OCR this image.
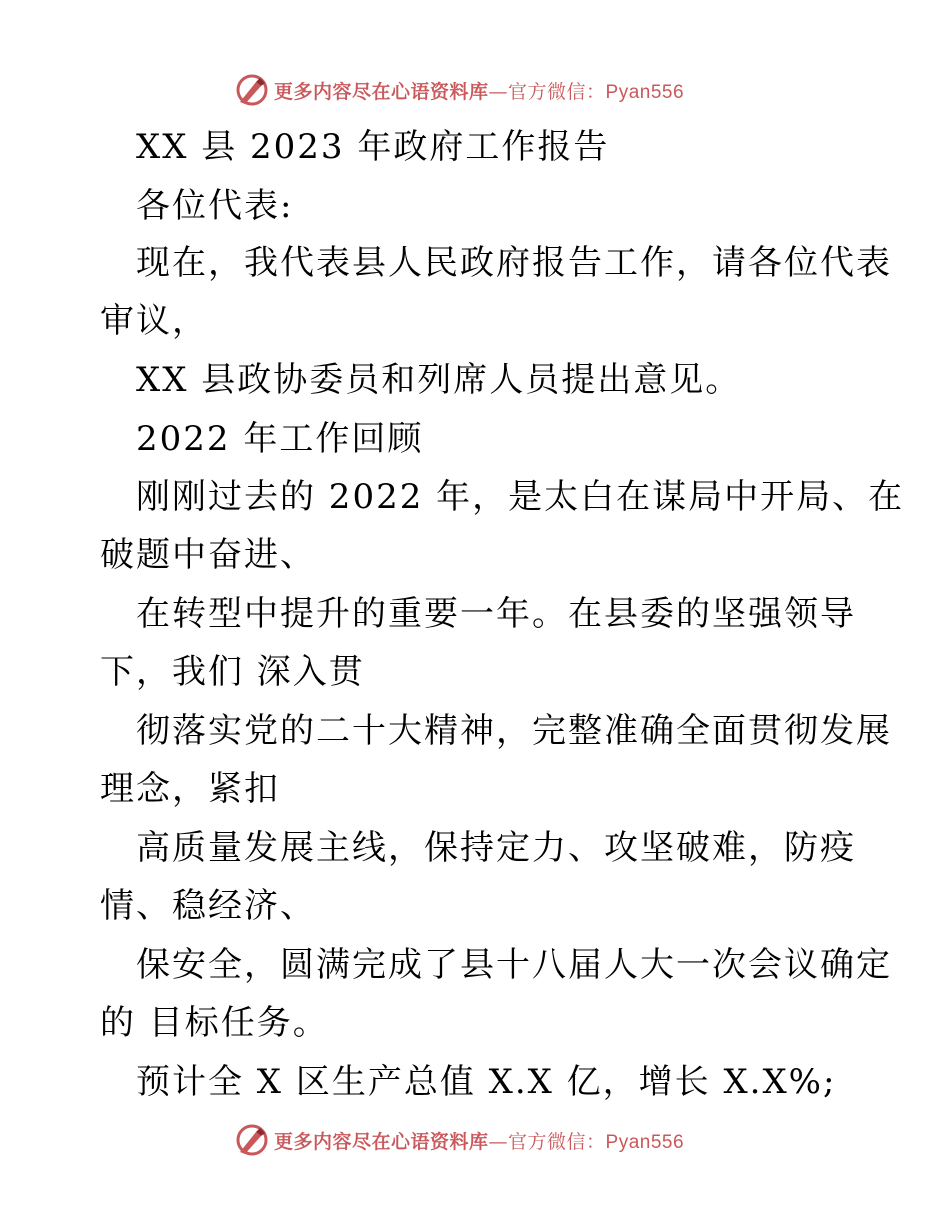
更多内容尽在心语资料库—官方微信：Pyan556
XX 县 2023 年政府工作报告
各位代表:
现在，我代表县人民政府报告工作，请各位代表
审议，
XX 县政协委员和列席人员提出意见。
2022 年工作回顾
刚刚过去的 2022 年，是太白在谋局中开局、在
破题中奋进、
在转型中提升的重要一年。在县委的坚强领导
下，我们 深入贯
彻落实党的二十大精神，完整准确全面贯彻发展
理念，紧扣
高质量发展主线，保持定力、攻坚破难，防疫
情、稳经济、
保安全，圆满完成了县十八届人大一次会议确定
的 目标任务。
预计全 X 区生产总值 X.X 亿，增长 X.X%;
更多内容尽在心语资料库—官方微信：Pyan556
